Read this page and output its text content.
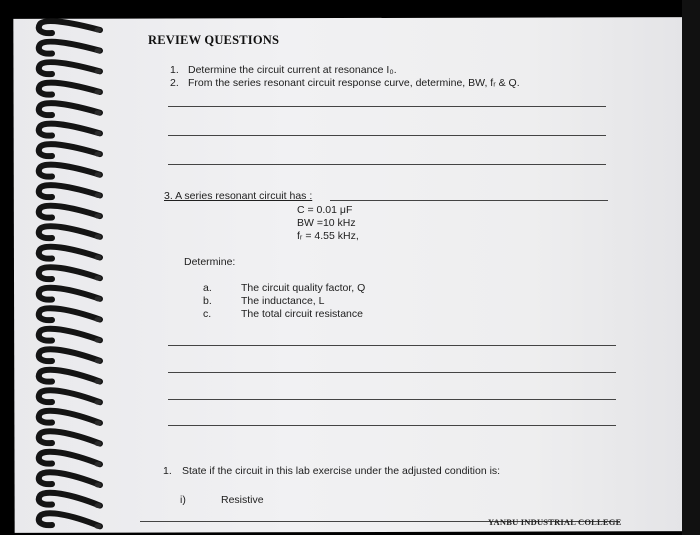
REVIEW QUESTIONS
1. Determine the circuit current at resonance I₀.
2. From the series resonant circuit response curve, determine, BW, fᵣ & Q.
3. A series resonant circuit has :
C = 0.01 μF
BW =10 kHz
fᵣ = 4.55 kHz,
Determine:
a.	The circuit quality factor, Q
b.	The inductance, L
c.	The total circuit resistance
1. State if the circuit in this lab exercise under the adjusted condition is:
i)	Resistive
YANBU INDUSTRIAL COLLEGE
